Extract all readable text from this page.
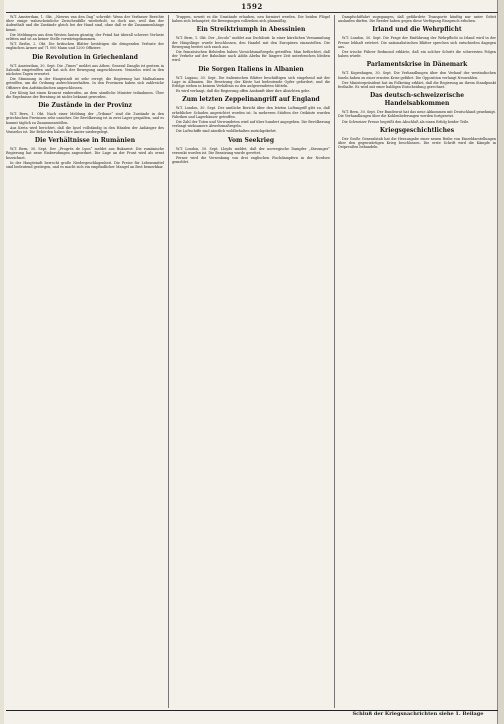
1592

W.T. Amsterdam, 1. Okt. „Nieuws van den Dag“ schreibt: Wenn der Verfasser Berichte über einige wahrscheinliche Zwischenfälle wiederholt, so doch nur, weil ihm der Aufenthalt und die Zustände gleich bei der Hand sind, ohne daß er die Zusammenhänge kennt.

Die Meldungen aus dem Westen lauten günstig; der Feind hat überall schwere Verluste erlitten und ist an keiner Stelle vorwärtsgekommen.

W.T. Berlin, 2. Okt. Die britischen Blätter bestätigen die dringenden Verluste der englischen Armee auf 71 000 Mann und 1200 Offiziere.

Die Revolution in Griechenland

W.T. Amsterdam, 30. Sept. Die „Times“ meldet aus Athen: General Danglis ist gestern in Saloniki eingetroffen und hat sich der Bewegung angeschlossen. Venizelos wird in den nächsten Tagen erwartet.

Die Stimmung in der Hauptstadt ist sehr erregt; die Regierung hat Maßnahmen getroffen, um die Ordnung aufrechtzuerhalten. In den Provinzen haben sich zahlreiche Offiziere den Aufständischen angeschlossen.

Der König hat einen Kronrat einberufen, an dem sämtliche Minister teilnahmen. Über die Ergebnisse der Beratung ist nichts bekannt geworden.

Die Zustände in der Provinz

W.T. Bern, 1. Okt. Nach einer Meldung der „Tribune“ sind die Zustände in den griechischen Provinzen sehr unsicher. Die Bevölkerung ist in zwei Lager gespalten, und es kommt täglich zu Zusammenstößen.

Aus Kreta wird berichtet, daß die Insel vollständig in den Händen der Anhänger des Venizelos ist. Die Behörden haben ihre Ämter niedergelegt.

Die Verhältnisse in Rumänien

W.T. Bern, 30. Sept. Der „Progrès de Lyon“ meldet aus Bukarest: Die rumänische Regierung hat neue Einberufungen angeordnet. Die Lage an der Front wird als ernst bezeichnet.

In der Hauptstadt herrscht große Niedergeschlagenheit. Die Preise für Lebensmittel sind bedeutend gestiegen, und es macht sich ein empfindlicher Mangel an Brot bemerkbar.

Truppen, soweit es die Umstände erlauben, neu formiert werden. Die beiden Flügel haben sich behauptet; die Bewegungen vollziehen sich planmäßig.

Ein Streiktriumph in Abessinien

W.T. Bern, 1. Okt. Der „Secolo“ meldet aus Dschibuti: In einer kürzlichen Versammlung der Häuptlinge wurde beschlossen, den Handel mit den Europäern einzustellen. Die Bewegung breitet sich rasch aus.

Die französischen Behörden haben Vorsichtsmaßregeln getroffen. Man befürchtet, daß der Verkehr auf der Bahnlinie nach Addis Abeba für längere Zeit unterbrochen bleiben wird.

Die Sorgen Italiens in Albanien

W.T. Lugano, 30. Sept. Die italienischen Blätter beschäftigen sich eingehend mit der Lage in Albanien. Die Besetzung der Küste hat bedeutende Opfer gefordert, und die Erfolge stehen in keinem Verhältnis zu den aufgewendeten Mitteln.

Es wird verlangt, daß die Regierung offen Auskunft über ihre Absichten gebe.

Zum letzten Zeppelinangriff auf England

W.T. London, 30. Sept. Der amtliche Bericht über den letzten Luftangriff gibt zu, daß erheblicher Schaden angerichtet worden ist. In mehreren Städten der Ostküste wurden Fabriken und Lagerhäuser getroffen.

Die Zahl der Toten und Verwundeten wird auf über hundert angegeben. Die Bevölkerung verlangt wirksamere Abwehrmaßregeln.

Die Luftschiffe sind sämtlich wohlbehalten zurückgekehrt.

Vom Seekrieg

W.T. London, 30. Sept. Lloyds meldet, daß der norwegische Dampfer „Stavanger“ versenkt worden ist. Die Besatzung wurde gerettet.

Ferner wird die Versenkung von drei englischen Fischdampfern in der Nordsee gemeldet.

Dampfschiffahrt zugegangen, daß gefährdete Transporte künftig nur unter Geleit auslaufen dürfen. Die Reeder haben gegen diese Verfügung Einspruch erhoben.

Irland und die Wehrpflicht

W.T. London, 30. Sept. Die Frage der Einführung der Wehrpflicht in Irland wird in der Presse lebhaft erörtert. Die nationalistischen Blätter sprechen sich entschieden dagegen aus.

Der irische Führer Redmond erklärte, daß ein solcher Schritt die schwersten Folgen haben würde.

Parlamentskrise in Dänemark

W.T. Kopenhagen, 30. Sept. Die Verhandlungen über den Verkauf der westindischen Inseln haben zu einer ernsten Krise geführt. Die Opposition verlangt Neuwahlen.

Der Ministerpräsident hat im Folketing erklärt, daß die Regierung an ihrem Standpunkt festhalte. Es wird mit einer baldigen Entscheidung gerechnet.

Das deutsch-schweizerische Handelsabkommen

W.T. Bern, 30. Sept. Der Bundesrat hat das neue Abkommen mit Deutschland genehmigt. Die Verhandlungen über die Kohlenlieferungen werden fortgesetzt.

Die Schweizer Presse begrüßt den Abschluß als einen Erfolg beider Teile.

Kriegsgeschichtliches

Der Große Generalstab hat die Herausgabe einer neuen Reihe von Einzeldarstellungen über den gegenwärtigen Krieg beschlossen. Die erste Schrift wird die Kämpfe in Ostpreußen behandeln.

Schluß der Kriegsnachrichten siehe 1. Beilage
